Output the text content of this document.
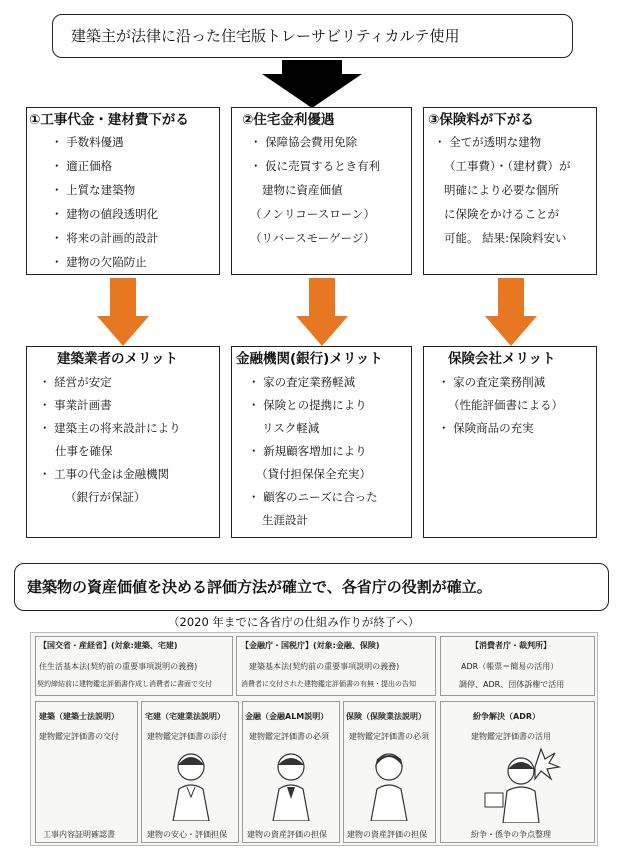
建築主が法律に沿った住宅版トレーサビリティカルテ使用
①工事代金・建材費下がる
・ 手数料優遇
・ 適正価格
・ 上質な建築物
・ 建物の値段透明化
・ 将来の計画的設計
・ 建物の欠陥防止
②住宅金利優遇
・ 保障協会費用免除
・ 仮に売買するとき有利
建物に資産価値
（ノンリコースローン）
（リバースモーゲージ）
③保険料が下がる
・ 全てが透明な建物
（工事費）・（建材費）が
明確により必要な個所
に保険をかけることが
可能。 結果:保険料安い
建築業者のメリット
・ 経営が安定
・ 事業計画書
・ 建築主の将来設計により
仕事を確保
・ 工事の代金は金融機関
（銀行が保証）
金融機関(銀行)メリット
・ 家の査定業務軽減
・ 保険との提携により
リスク軽減
・ 新規顧客増加により
（貸付担保保全充実）
・ 顧客のニーズに合った
生涯設計
保険会社メリット
・ 家の査定業務削減
（性能評価書による）
・ 保険商品の充実
建築物の資産価値を決める評価方法が確立で、各省庁の役割が確立。
（2020 年までに各省庁の仕組み作りが終了へ）
【国交省・産経省】(対象:建築、宅建)	【金融庁・国税庁】(対象:金融、保険)	【消費者庁・裁判所】
住生活基本法(契約前の重要事項説明の義務)	建築基本法(契約前の重要事項説明の義務)	ADR（帳票＝簡易の活用）
契約締結前に建物鑑定評価書作成し消費者に書面で交付	消費者に交付された建物鑑定評価書の有無・提出の告知	調停、ADR、団体訴権で活用
建築（建築士法説明）
建物鑑定評価書の交付
工事内容証明確認書
宅建（宅建業法説明）
建物鑑定評価書の添付
建物の安心・評価担保
金融（金融ALM説明）
建物鑑定評価書の必須
建物の資産評価の担保
保険（保険業法説明）
建物鑑定評価書の必須
建物の資産評価の担保
紛争解決（ADR）
建物鑑定評価書の活用
紛争・係争の争点整理
